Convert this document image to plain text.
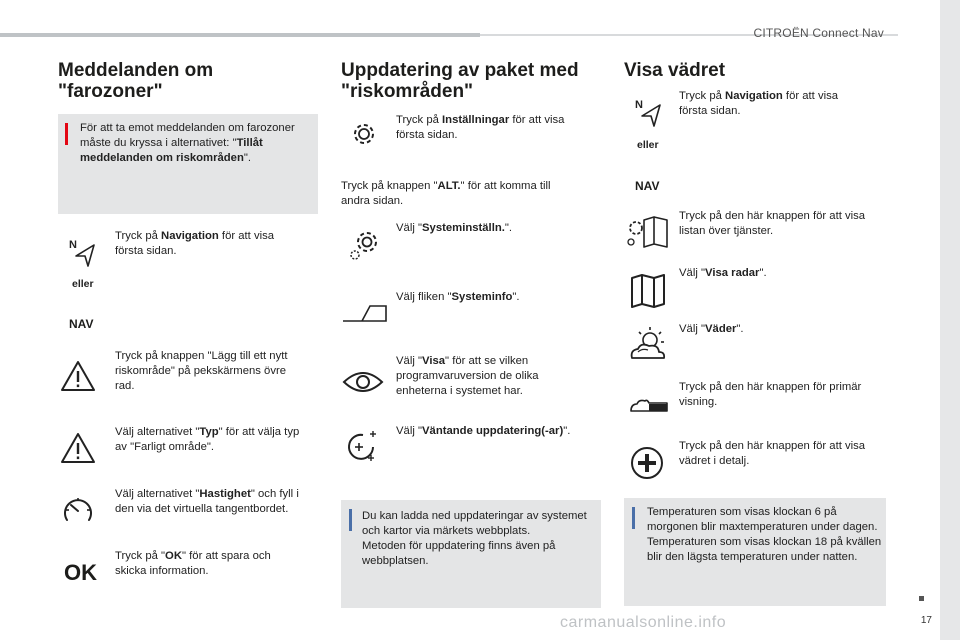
CITROËN Connect Nav
Meddelanden om
"farozoner"
För att ta emot meddelanden om farozoner måste du kryssa i alternativet: "Tillåt meddelanden om riskområden".
N
Tryck på Navigation för att visa första sidan.
eller
NAV
Tryck på knappen "Lägg till ett nytt riskområde" på pekskärmens övre rad.
Välj alternativet "Typ" för att välja typ av "Farligt område".
Välj alternativet "Hastighet" och fyll i den via det virtuella tangentbordet.
OK
Tryck på "OK" för att spara och skicka information.
Uppdatering av paket med
"riskområden"
Tryck på Inställningar för att visa första sidan.
Tryck på knappen "ALT." för att komma till andra sidan.
Välj "Systeminställn.".
Välj fliken "Systeminfo".
Välj "Visa" för att se vilken programvaruversion de olika enheterna i systemet har.
Välj "Väntande uppdatering(-ar)".
Du kan ladda ned uppdateringar av systemet och kartor via märkets webbplats.
Metoden för uppdatering finns även på webbplatsen.
Visa vädret
N
Tryck på Navigation för att visa första sidan.
eller
NAV
Tryck på den här knappen för att visa listan över tjänster.
Välj "Visa radar".
Välj "Väder".
Tryck på den här knappen för primär visning.
Tryck på den här knappen för att visa vädret i detalj.
Temperaturen som visas klockan 6 på morgonen blir maxtemperaturen under dagen.
Temperaturen som visas klockan 18 på kvällen blir den lägsta temperaturen under natten.
17
carmanualsonline.info
